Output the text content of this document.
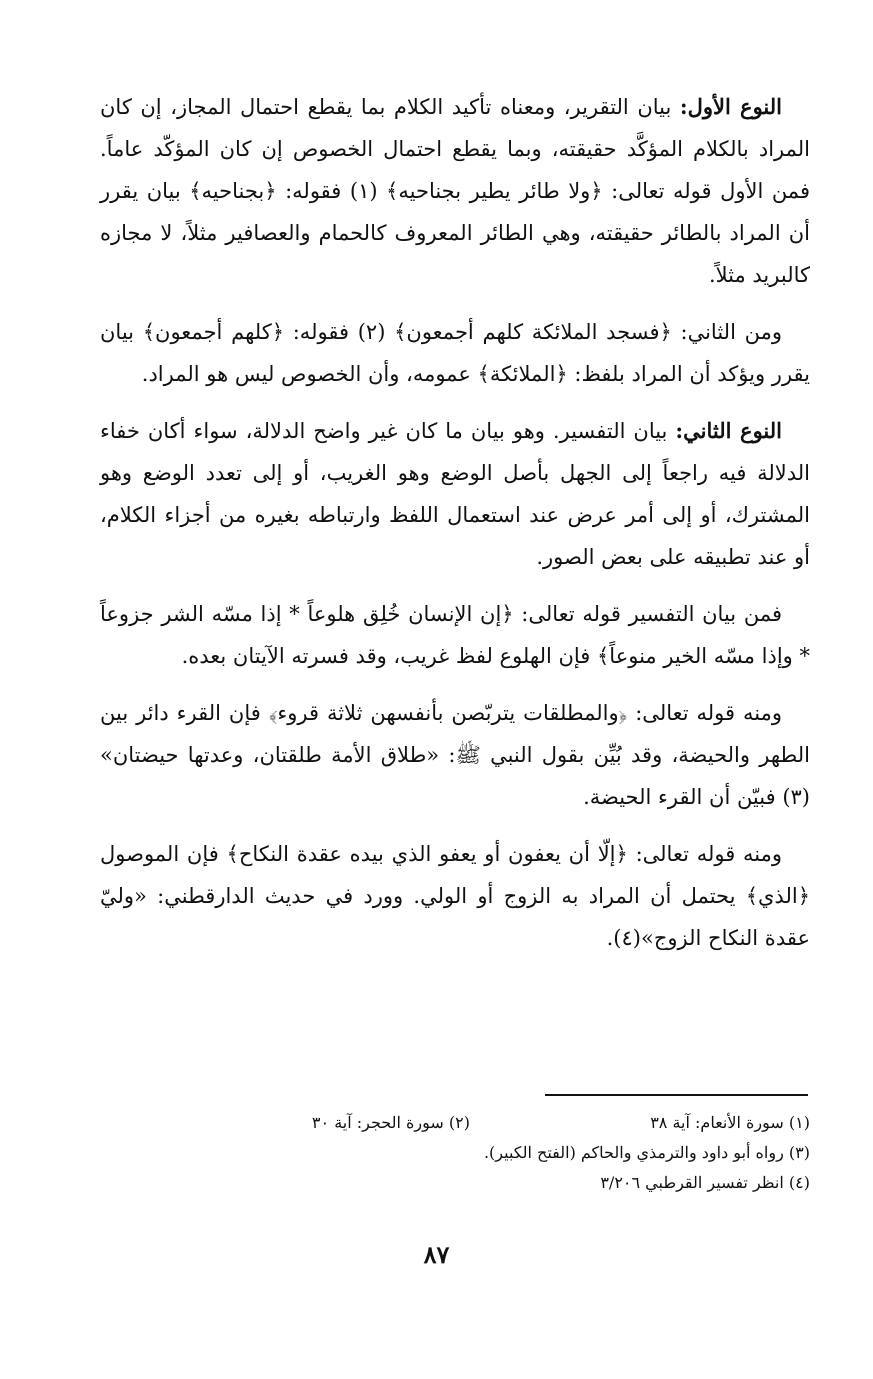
النوع الأول: بيان التقرير، ومعناه تأكيد الكلام بما يقطع احتمال المجاز، إن كان المراد بالكلام المؤكَّد حقيقته، وبما يقطع احتمال الخصوص إن كان المؤكّد عاماً. فمن الأول قوله تعالى: ﴿ولا طائر يطير بجناحيه﴾ (١) فقوله: ﴿بجناحيه﴾ بيان يقرر أن المراد بالطائر حقيقته، وهي الطائر المعروف كالحمام والعصافير مثلاً، لا مجازه كالبريد مثلاً.

ومن الثاني: ﴿فسجد الملائكة كلهم أجمعون﴾ (٢) فقوله: ﴿كلهم أجمعون﴾ بيان يقرر ويؤكد أن المراد بلفظ: ﴿الملائكة﴾ عمومه، وأن الخصوص ليس هو المراد.

النوع الثاني: بيان التفسير. وهو بيان ما كان غير واضح الدلالة، سواء أكان خفاء الدلالة فيه راجعاً إلى الجهل بأصل الوضع وهو الغريب، أو إلى تعدد الوضع وهو المشترك، أو إلى أمر عرض عند استعمال اللفظ وارتباطه بغيره من أجزاء الكلام، أو عند تطبيقه على بعض الصور.

فمن بيان التفسير قوله تعالى: ﴿إن الإنسان خُلِق هلوعاً * إذا مسّه الشر جزوعاً * وإذا مسّه الخير منوعاً﴾ فإن الهلوع لفظ غريب، وقد فسرته الآيتان بعده.

ومنه قوله تعالى: ﴿والمطلقات يتربّصن بأنفسهن ثلاثة قروء﴾ فإن القرء دائر بين الطهر والحيضة، وقد بُيِّن بقول النبي ﷺ: «طلاق الأمة طلقتان، وعدتها حيضتان» (٣) فبيّن أن القرء الحيضة.

ومنه قوله تعالى: ﴿إلّا أن يعفون أو يعفو الذي بيده عقدة النكاح﴾ فإن الموصول ﴿الذي﴾ يحتمل أن المراد به الزوج أو الولي. وورد في حديث الدارقطني: «وليّ عقدة النكاح الزوج»(٤).

(١) سورة الأنعام: آية ٣٨
(٢) سورة الحجر: آية ٣٠
(٣) رواه أبو داود والترمذي والحاكم (الفتح الكبير).
(٤) انظر تفسير القرطبي ٣/٢٠٦
٨٧
